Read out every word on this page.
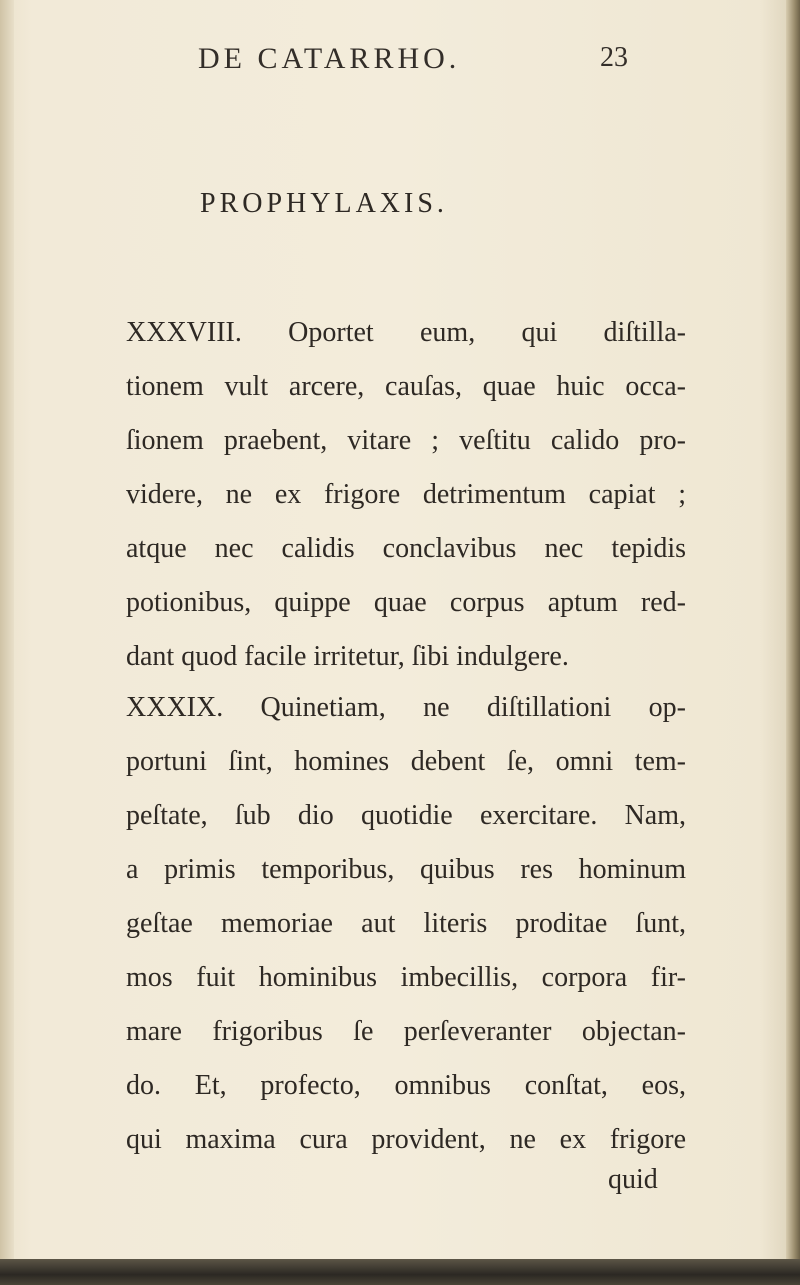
DE CATARRHO.	23
PROPHYLAXIS.
XXXVIII. Oportet eum, qui diſtilla-
tionem vult arcere, cauſas, quae huic occa-
ſionem praebent, vitare ; veſtitu calido pro-
videre, ne ex frigore detrimentum capiat ;
atque nec calidis conclavibus nec tepidis
potionibus, quippe quae corpus aptum red-
dant quod facile irritetur, ſibi indulgere.
XXXIX. Quinetiam, ne diſtillationi op-
portuni ſint, homines debent ſe, omni tem-
peſtate, ſub dio quotidie exercitare. Nam,
a primis temporibus, quibus res hominum
geſtae memoriae aut literis proditae ſunt,
mos fuit hominibus imbecillis, corpora fir-
mare frigoribus ſe perſeveranter objectan-
do. Et, profecto, omnibus conſtat, eos,
qui maxima cura provident, ne ex frigore
quid
